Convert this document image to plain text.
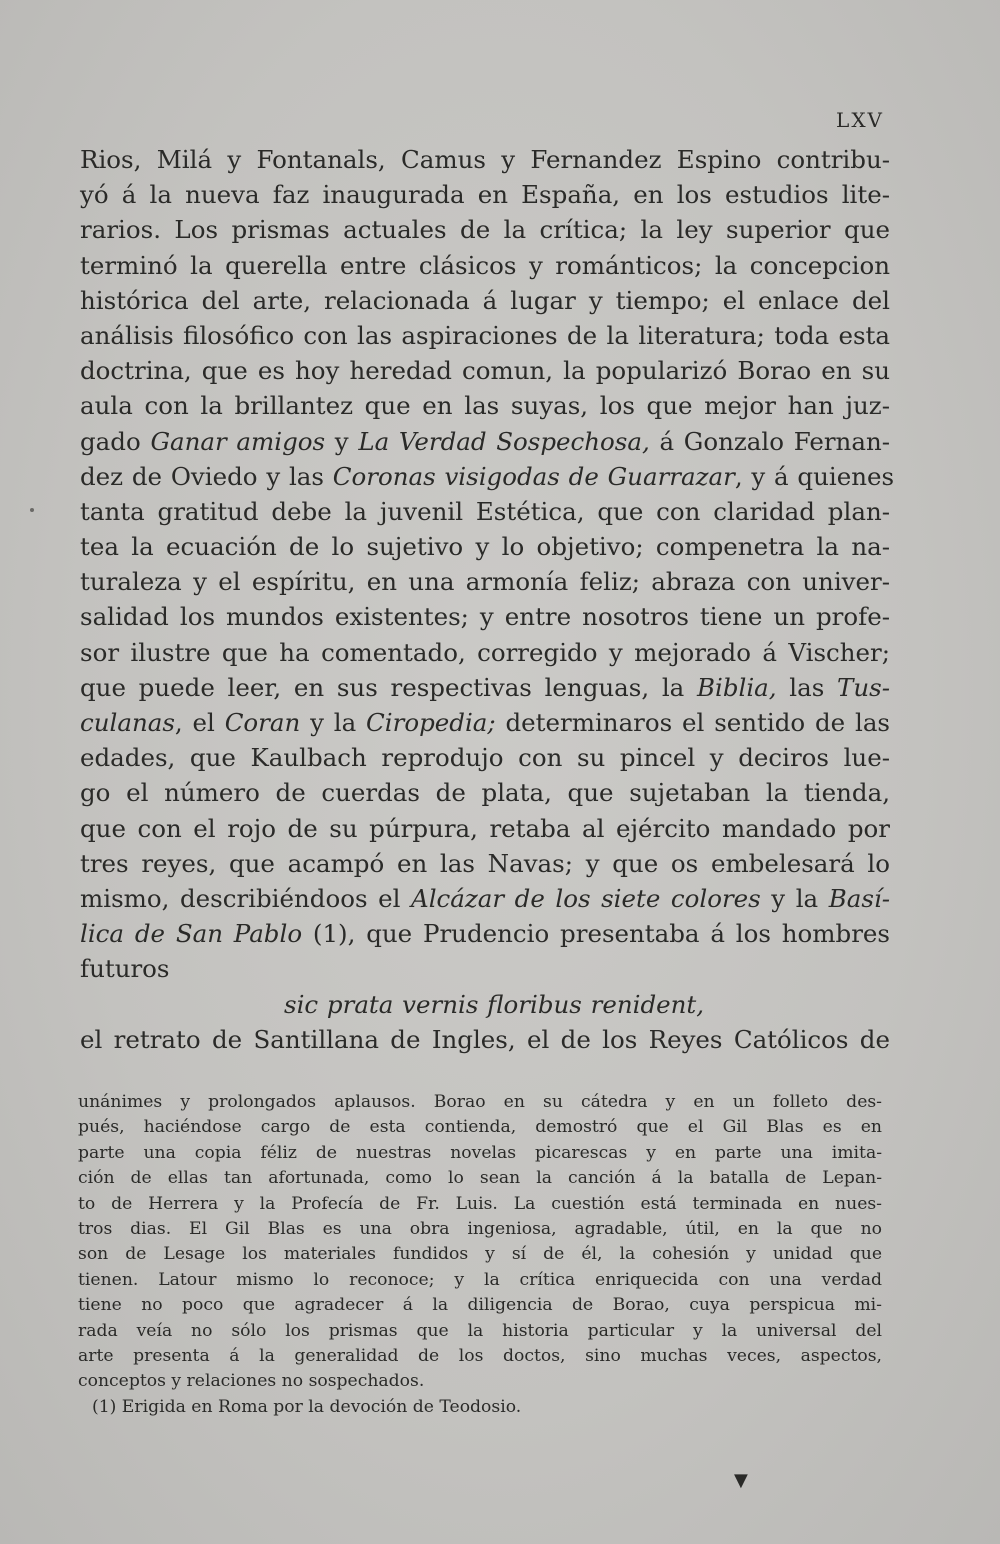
LXV
Rios, Milá y Fontanals, Camus y Fernandez Espino contribu-
yó á la nueva faz inaugurada en España, en los estudios lite-
rarios. Los prismas actuales de la crítica; la ley superior que
terminó la querella entre clásicos y románticos; la concepcion
histórica del arte, relacionada á lugar y tiempo; el enlace del
análisis filosófico con las aspiraciones de la literatura; toda esta
doctrina, que es hoy heredad comun, la popularizó Borao en su
aula con la brillantez que en las suyas, los que mejor han juz-
gado Ganar amigos y La Verdad Sospechosa, á Gonzalo Fernan-
dez de Oviedo y las Coronas visigodas de Guarrazar, y á quienes
tanta gratitud debe la juvenil Estética, que con claridad plan-
tea la ecuación de lo sujetivo y lo objetivo; compenetra la na-
turaleza y el espíritu, en una armonía feliz; abraza con univer-
salidad los mundos existentes; y entre nosotros tiene un profe-
sor ilustre que ha comentado, corregido y mejorado á Vischer;
que puede leer, en sus respectivas lenguas, la Biblia, las Tus-
culanas, el Coran y la Ciropedia; determinaros el sentido de las
edades, que Kaulbach reprodujo con su pincel y deciros lue-
go el número de cuerdas de plata, que sujetaban la tienda,
que con el rojo de su púrpura, retaba al ejército mandado por
tres reyes, que acampó en las Navas; y que os embelesará lo
mismo, describiéndoos el Alcázar de los siete colores y la Basí-
lica de San Pablo (1), que Prudencio presentaba á los hombres
futuros
sic prata vernis floribus renident,
el retrato de Santillana de Ingles, el de los Reyes Católicos de
unánimes y prolongados aplausos. Borao en su cátedra y en un folleto des-
pués, haciéndose cargo de esta contienda, demostró que el Gil Blas es en
parte una copia féliz de nuestras novelas picarescas y en parte una imita-
ción de ellas tan afortunada, como lo sean la canción á la batalla de Lepan-
to de Herrera y la Profecía de Fr. Luis. La cuestión está terminada en nues-
tros dias. El Gil Blas es una obra ingeniosa, agradable, útil, en la que no
son de Lesage los materiales fundidos y sí de él, la cohesión y unidad que
tienen. Latour mismo lo reconoce; y la crítica enriquecida con una verdad
tiene no poco que agradecer á la diligencia de Borao, cuya perspicua mi-
rada veía no sólo los prismas que la historia particular y la universal del
arte presenta á la generalidad de los doctos, sino muchas veces, aspectos,
conceptos y relaciones no sospechados.
(1) Erigida en Roma por la devoción de Teodosio.
▼
